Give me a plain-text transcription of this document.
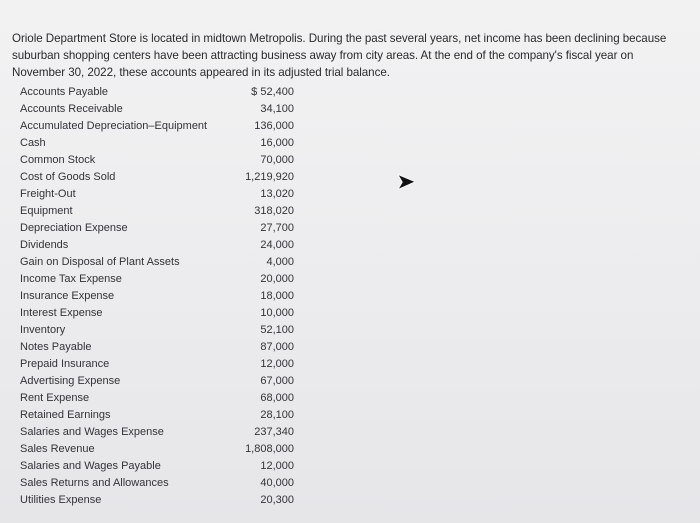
Oriole Department Store is located in midtown Metropolis. During the past several years, net income has been declining because suburban shopping centers have been attracting business away from city areas. At the end of the company's fiscal year on November 30, 2022, these accounts appeared in its adjusted trial balance.

Accounts Payable	$ 52,400
Accounts Receivable	34,100
Accumulated Depreciation–Equipment	136,000
Cash	16,000
Common Stock	70,000
Cost of Goods Sold	1,219,920
Freight-Out	13,020
Equipment	318,020
Depreciation Expense	27,700
Dividends	24,000
Gain on Disposal of Plant Assets	4,000
Income Tax Expense	20,000
Insurance Expense	18,000
Interest Expense	10,000
Inventory	52,100
Notes Payable	87,000
Prepaid Insurance	12,000
Advertising Expense	67,000
Rent Expense	68,000
Retained Earnings	28,100
Salaries and Wages Expense	237,340
Sales Revenue	1,808,000
Salaries and Wages Payable	12,000
Sales Returns and Allowances	40,000
Utilities Expense	20,300
